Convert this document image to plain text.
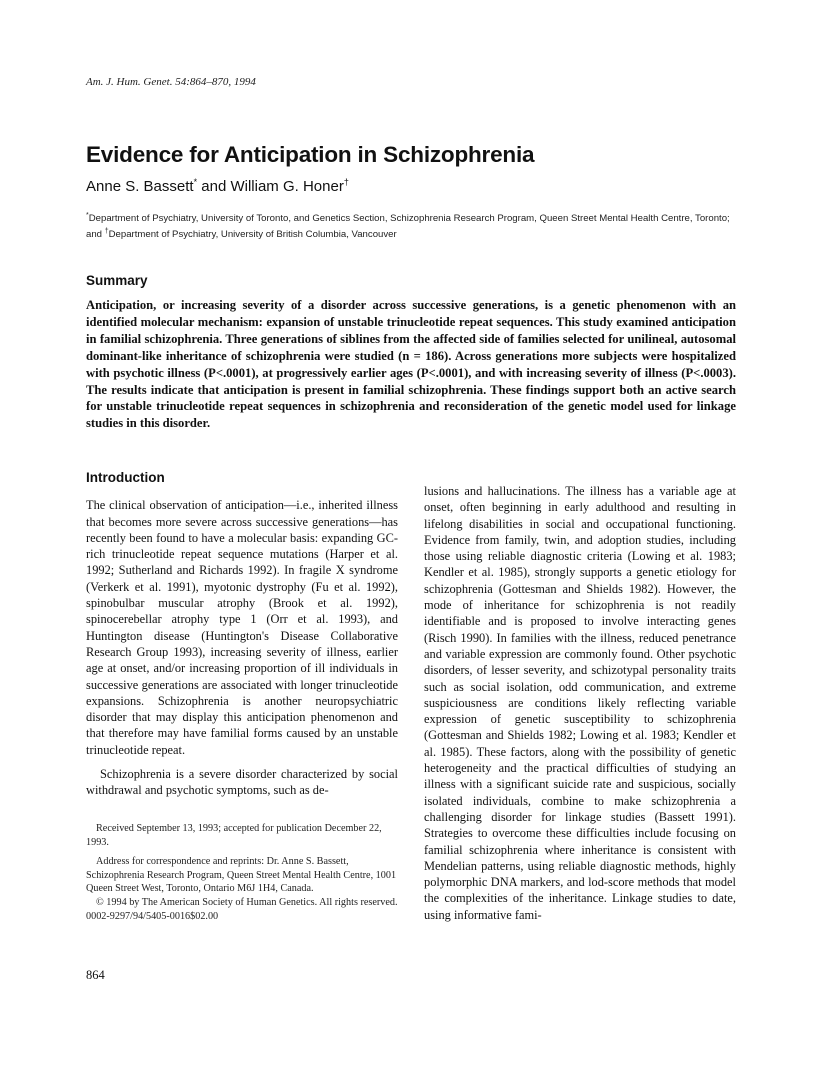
Am. J. Hum. Genet. 54:864–870, 1994
Evidence for Anticipation in Schizophrenia
Anne S. Bassett* and William G. Honer†
*Department of Psychiatry, University of Toronto, and Genetics Section, Schizophrenia Research Program, Queen Street Mental Health Centre, Toronto; and †Department of Psychiatry, University of British Columbia, Vancouver
Summary

Anticipation, or increasing severity of a disorder across successive generations, is a genetic phenomenon with an identified molecular mechanism: expansion of unstable trinucleotide repeat sequences. This study examined anticipation in familial schizophrenia. Three generations of siblines from the affected side of families selected for unilineal, autosomal dominant-like inheritance of schizophrenia were studied (n = 186). Across generations more subjects were hospitalized with psychotic illness (P<.0001), at progressively earlier ages (P<.0001), and with increasing severity of illness (P<.0003). The results indicate that anticipation is present in familial schizophrenia. These findings support both an active search for unstable trinucleotide repeat sequences in schizophrenia and reconsideration of the genetic model used for linkage studies in this disorder.

Introduction

The clinical observation of anticipation—i.e., inherited illness that becomes more severe across successive generations—has recently been found to have a molecular basis: expanding GC-rich trinucleotide repeat sequence mutations (Harper et al. 1992; Sutherland and Richards 1992). In fragile X syndrome (Verkerk et al. 1991), myotonic dystrophy (Fu et al. 1992), spinobulbar muscular atrophy (Brook et al. 1992), spinocerebellar atrophy type 1 (Orr et al. 1993), and Huntington disease (Huntington's Disease Collaborative Research Group 1993), increasing severity of illness, earlier age at onset, and/or increasing proportion of ill individuals in successive generations are associated with longer trinucleotide expansions. Schizophrenia is another neuropsychiatric disorder that may display this anticipation phenomenon and that therefore may have familial forms caused by an unstable trinucleotide repeat.

Schizophrenia is a severe disorder characterized by social withdrawal and psychotic symptoms, such as de-

lusions and hallucinations. The illness has a variable age at onset, often beginning in early adulthood and resulting in lifelong disabilities in social and occupational functioning. Evidence from family, twin, and adoption studies, including those using reliable diagnostic criteria (Lowing et al. 1983; Kendler et al. 1985), strongly supports a genetic etiology for schizophrenia (Gottesman and Shields 1982). However, the mode of inheritance for schizophrenia is not readily identifiable and is proposed to involve interacting genes (Risch 1990). In families with the illness, reduced penetrance and variable expression are commonly found. Other psychotic disorders, of lesser severity, and schizotypal personality traits such as social isolation, odd communication, and extreme suspiciousness are conditions likely reflecting variable expression of genetic susceptibility to schizophrenia (Gottesman and Shields 1982; Lowing et al. 1983; Kendler et al. 1985). These factors, along with the possibility of genetic heterogeneity and the practical difficulties of studying an illness with a significant suicide rate and suspicious, socially isolated individuals, combine to make schizophrenia a challenging disorder for linkage studies (Bassett 1991). Strategies to overcome these difficulties include focusing on familial schizophrenia where inheritance is consistent with Mendelian patterns, using reliable diagnostic methods, highly polymorphic DNA markers, and lod-score methods that model the complexities of the inheritance. Linkage studies to date, using informative fami-

Received September 13, 1993; accepted for publication December 22, 1993.

Address for correspondence and reprints: Dr. Anne S. Bassett, Schizophrenia Research Program, Queen Street Mental Health Centre, 1001 Queen Street West, Toronto, Ontario M6J 1H4, Canada.

© 1994 by The American Society of Human Genetics. All rights reserved.

0002-9297/94/5405-0016$02.00

864
